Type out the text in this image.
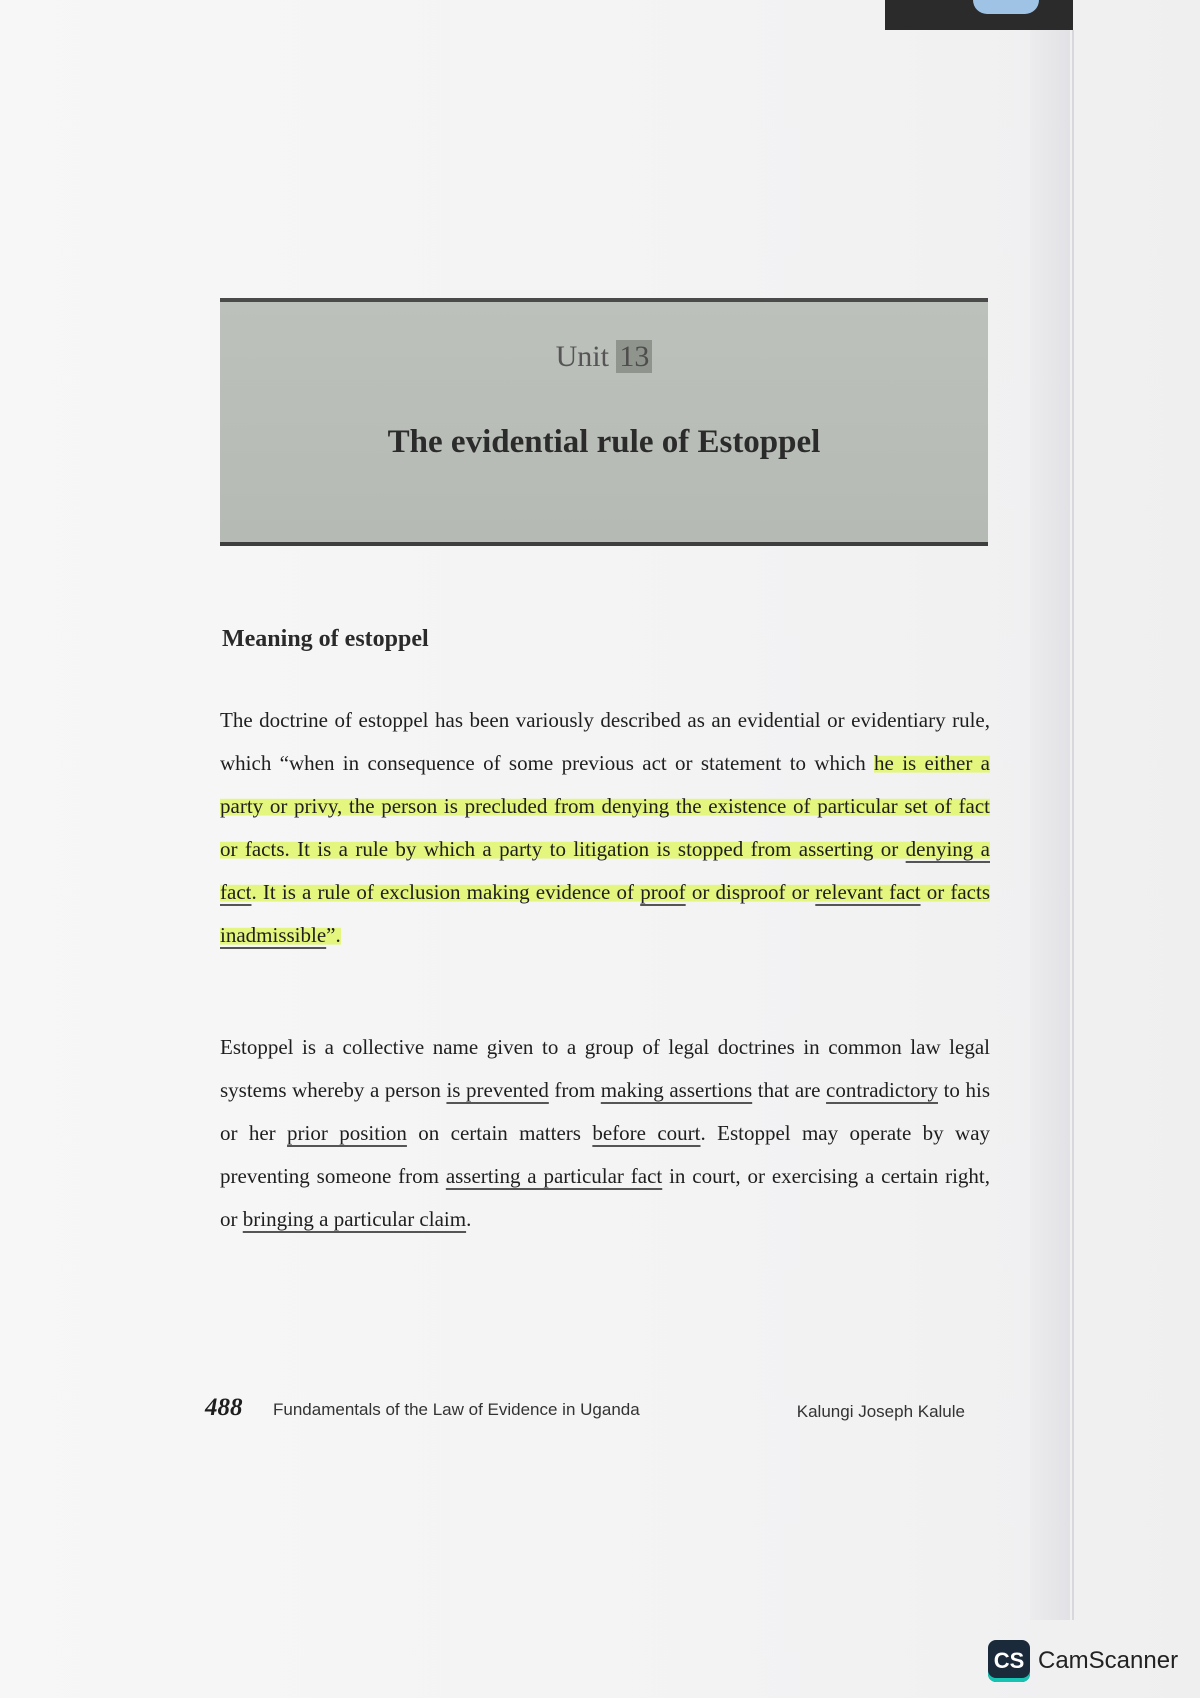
Unit 13
The evidential rule of Estoppel
Meaning of estoppel

The doctrine of estoppel has been variously described as an evidential or evidentiary rule, which “when in consequence of some previous act or statement to which he is either a party or privy, the person is precluded from denying the existence of particular set of fact or facts. It is a rule by which a party to litigation is stopped from asserting or denying a fact. It is a rule of exclusion making evidence of proof or disproof or relevant fact or facts inadmissible”.

Estoppel is a collective name given to a group of legal doctrines in common law legal systems whereby a person is prevented from making assertions that are contradictory to his or her prior position on certain matters before court. Estoppel may operate by way preventing someone from asserting a particular fact in court, or exercising a certain right, or bringing a particular claim.

488 Fundamentals of the Law of Evidence in Uganda	Kalungi Joseph Kalule
CS CamScanner
